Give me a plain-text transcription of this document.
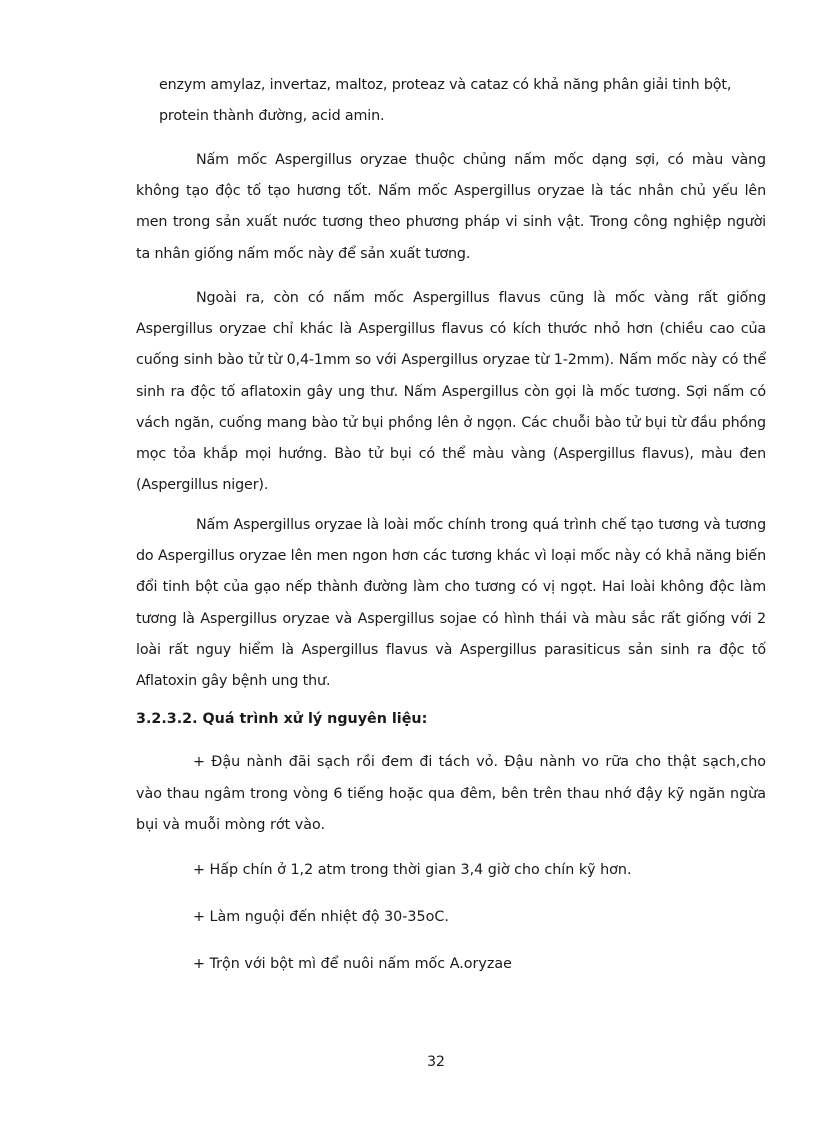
enzym amylaz, invertaz, maltoz, proteaz và cataz có khả năng phân giải tinh bột, protein thành đường, acid amin.

Nấm mốc Aspergillus oryzae thuộc chủng nấm mốc dạng sợi, có màu vàng không tạo độc tố tạo hương tốt. Nấm mốc Aspergillus oryzae là tác nhân chủ yếu lên men trong sản xuất nước tương theo phương pháp vi sinh vật. Trong công nghiệp người ta nhân giống nấm mốc này để sản xuất tương.

Ngoài ra, còn có nấm mốc Aspergillus flavus cũng là mốc vàng rất giống Aspergillus oryzae chỉ khác là Aspergillus flavus có kích thước nhỏ hơn (chiều cao của cuống sinh bào tử từ 0,4-1mm so với Aspergillus oryzae từ 1-2mm). Nấm mốc này có thể sinh ra độc tố aflatoxin gây ung thư. Nấm Aspergillus còn gọi là mốc tương. Sợi nấm có vách ngăn, cuống mang bào tử bụi phồng lên ở ngọn. Các chuỗi bào tử bụi từ đầu phồng mọc tỏa khắp mọi hướng. Bào tử bụi có thể màu vàng (Aspergillus flavus), màu đen (Aspergillus niger).

Nấm Aspergillus oryzae là loài mốc chính trong quá trình chế tạo tương và tương do Aspergillus oryzae lên men ngon hơn các tương khác vì loại mốc này có khả năng biến đổi tinh bột của gạo nếp thành đường làm cho tương có vị ngọt. Hai loài không độc làm tương là Aspergillus oryzae và Aspergillus sojae có hình thái và màu sắc rất giống với 2 loài rất nguy hiểm là Aspergillus flavus và Aspergillus parasiticus sản sinh ra độc tố Aflatoxin gây bệnh ung thư.

3.2.3.2. Quá trình xử lý nguyên liệu:

+ Đậu nành đãi sạch rồi đem đi tách vỏ. Đậu nành vo rữa cho thật sạch,cho vào thau ngâm trong vòng 6 tiếng hoặc qua đêm, bên trên thau nhớ đậy kỹ ngăn ngừa bụi và muỗi mòng rớt vào.

+ Hấp chín ở 1,2 atm trong thời gian 3,4 giờ cho chín kỹ hơn.

+ Làm nguội đến nhiệt độ 30-35oC.

+ Trộn với bột mì để nuôi nấm mốc A.oryzae

32
